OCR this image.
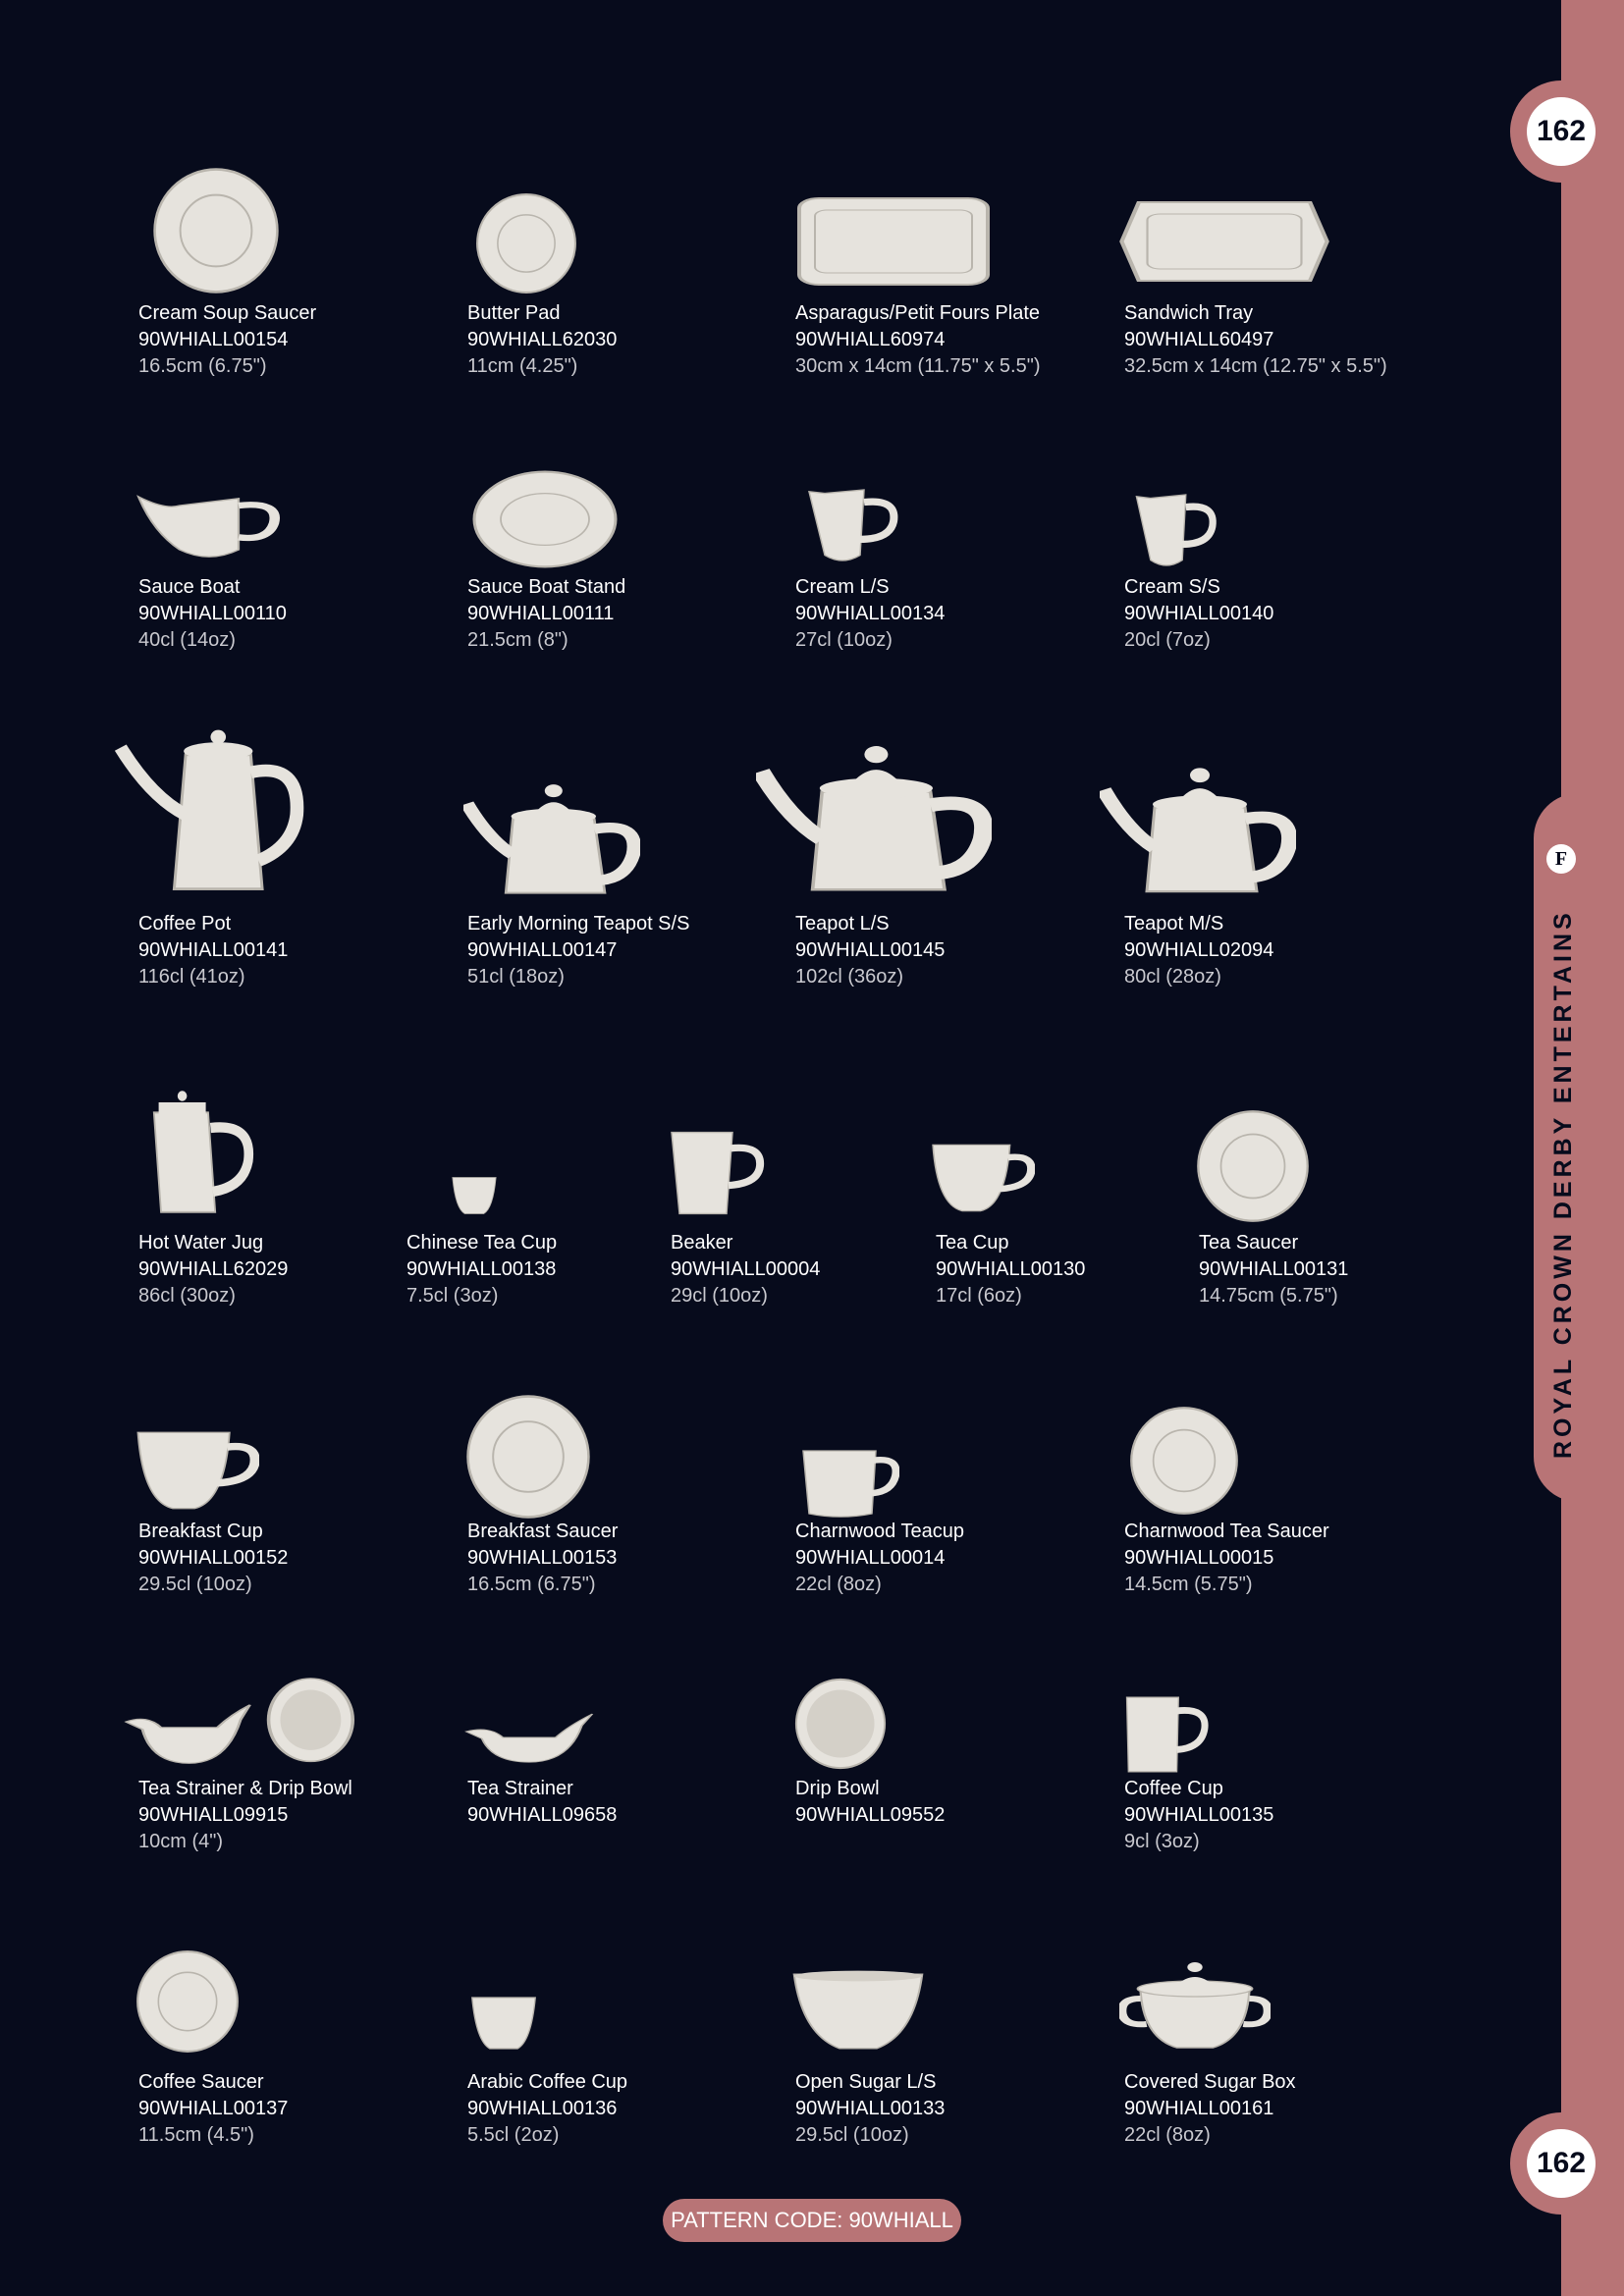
F
ROYAL CROWN DERBY ENTERTAINS
162
162
PATTERN CODE: 90WHIALL
Cream Soup Saucer
90WHIALL00154
16.5cm (6.75")
Butter Pad
90WHIALL62030
11cm (4.25")
Asparagus/Petit Fours Plate
90WHIALL60974
30cm x 14cm (11.75" x 5.5")
Sandwich Tray
90WHIALL60497
32.5cm x 14cm (12.75" x 5.5")
Sauce Boat
90WHIALL00110
40cl (14oz)
Sauce Boat Stand
90WHIALL00111
21.5cm (8")
Cream L/S
90WHIALL00134
27cl (10oz)
Cream S/S
90WHIALL00140
20cl (7oz)
Coffee Pot
90WHIALL00141
116cl (41oz)
Early Morning Teapot S/S
90WHIALL00147
51cl (18oz)
Teapot L/S
90WHIALL00145
102cl (36oz)
Teapot M/S
90WHIALL02094
80cl (28oz)
Hot Water Jug
90WHIALL62029
86cl (30oz)
Chinese Tea Cup
90WHIALL00138
7.5cl (3oz)
Beaker
90WHIALL00004
29cl (10oz)
Tea Cup
90WHIALL00130
17cl (6oz)
Tea Saucer
90WHIALL00131
14.75cm (5.75")
Breakfast Cup
90WHIALL00152
29.5cl (10oz)
Breakfast Saucer
90WHIALL00153
16.5cm (6.75")
Charnwood Teacup
90WHIALL00014
22cl (8oz)
Charnwood Tea Saucer
90WHIALL00015
14.5cm (5.75")
Tea Strainer & Drip Bowl
90WHIALL09915
10cm (4")
Tea Strainer
90WHIALL09658
Drip Bowl
90WHIALL09552
Coffee Cup
90WHIALL00135
9cl (3oz)
Coffee Saucer
90WHIALL00137
11.5cm (4.5")
Arabic Coffee Cup
90WHIALL00136
5.5cl (2oz)
Open Sugar L/S
90WHIALL00133
29.5cl (10oz)
Covered Sugar Box
90WHIALL00161
22cl (8oz)
